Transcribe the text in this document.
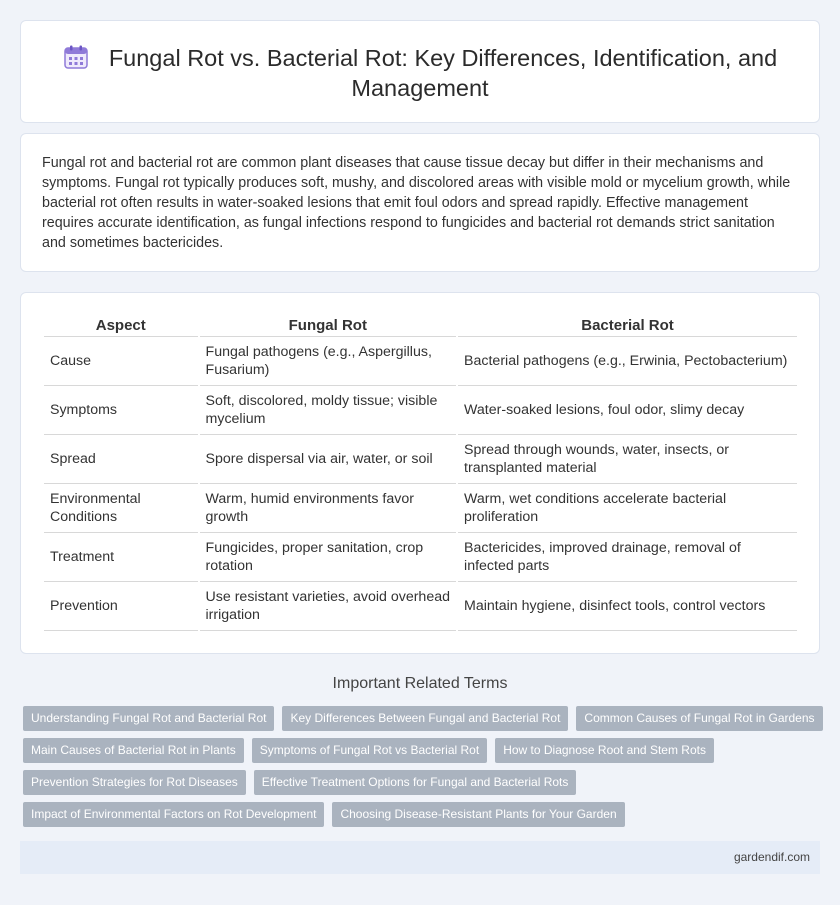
Fungal Rot vs. Bacterial Rot: Key Differences, Identification, and Management

Fungal rot and bacterial rot are common plant diseases that cause tissue decay but differ in their mechanisms and symptoms. Fungal rot typically produces soft, mushy, and discolored areas with visible mold or mycelium growth, while bacterial rot often results in water-soaked lesions that emit foul odors and spread rapidly. Effective management requires accurate identification, as fungal infections respond to fungicides and bacterial rot demands strict sanitation and sometimes bactericides.

Aspect	Fungal Rot	Bacterial Rot
Cause	Fungal pathogens (e.g., Aspergillus, Fusarium)	Bacterial pathogens (e.g., Erwinia, Pectobacterium)
Symptoms	Soft, discolored, moldy tissue; visible mycelium	Water-soaked lesions, foul odor, slimy decay
Spread	Spore dispersal via air, water, or soil	Spread through wounds, water, insects, or transplanted material
Environmental Conditions	Warm, humid environments favor growth	Warm, wet conditions accelerate bacterial proliferation
Treatment	Fungicides, proper sanitation, crop rotation	Bactericides, improved drainage, removal of infected parts
Prevention	Use resistant varieties, avoid overhead irrigation	Maintain hygiene, disinfect tools, control vectors
Important Related Terms
Understanding Fungal Rot and Bacterial Rot	Key Differences Between Fungal and Bacterial Rot	Common Causes of Fungal Rot in Gardens
Main Causes of Bacterial Rot in Plants	Symptoms of Fungal Rot vs Bacterial Rot	How to Diagnose Root and Stem Rots
Prevention Strategies for Rot Diseases	Effective Treatment Options for Fungal and Bacterial Rots
Impact of Environmental Factors on Rot Development	Choosing Disease-Resistant Plants for Your Garden
gardendif.com
